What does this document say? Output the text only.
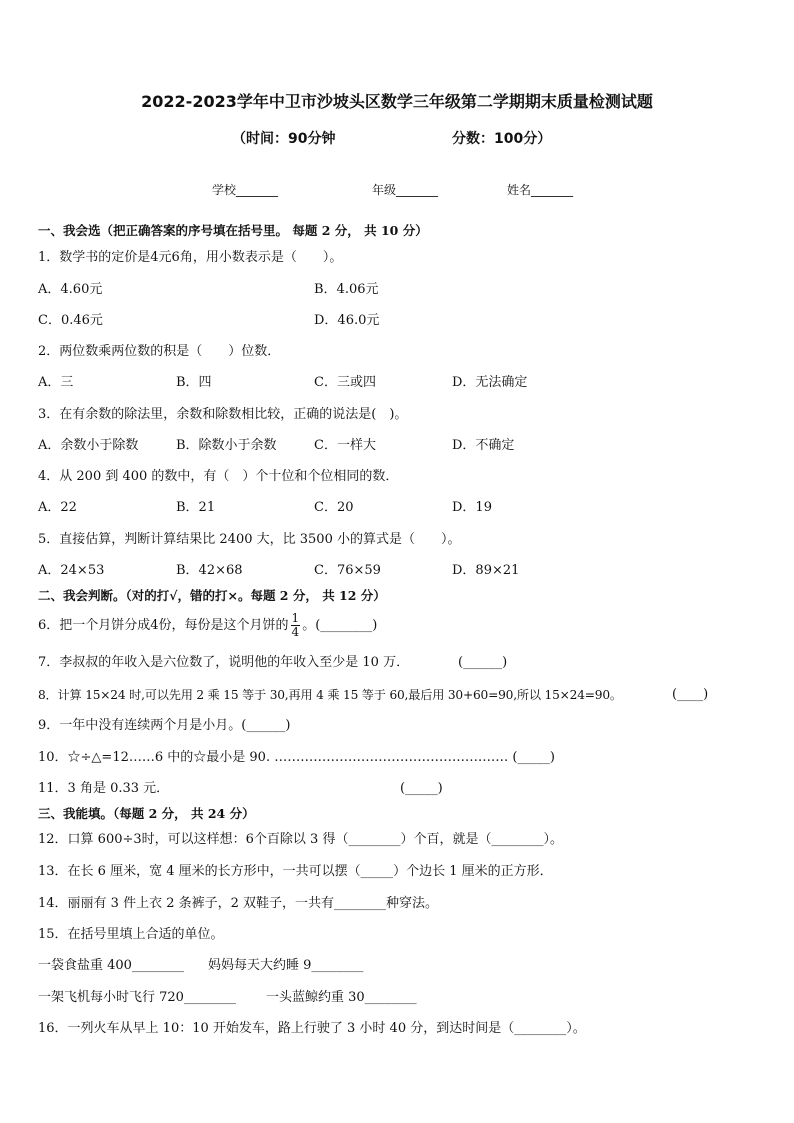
2022-2023学年中卫市沙坡头区数学三年级第二学期期末质量检测试题
（时间：90分钟	分数：100分）
学校_______	年级_______	姓名_______
一、我会选（把正确答案的序号填在括号里。 每题 2 分， 共 10 分）
1．数学书的定价是4元6角，用小数表示是（　　）。
A．4.60元	B．4.06元
C．0.46元	D．46.0元
2．两位数乘两位数的积是（　　）位数．
A．三	B．四	C．三或四	D．无法确定
3．在有余数的除法里，余数和除数相比较，正确的说法是(　)。
A．余数小于除数	B．除数小于余数	C．一样大	D．不确定
4．从 200 到 400 的数中，有（　）个十位和个位相同的数．
A．22	B．21	C．20	D．19
5．直接估算，判断计算结果比 2400 大，比 3500 小的算式是（　　）。
A．24×53	B．42×68	C．76×59	D．89×21
二、我会判断。（对的打√，错的打×。每题 2 分， 共 12 分）
6．把一个月饼分成4份，每份是这个月饼的 $\frac{1}{4}$ 。(________)
7．李叔叔的年收入是六位数了，说明他的年收入至少是 10 万．	(______)
8．计算 15×24 时,可以先用 2 乘 15 等于 30,再用 4 乘 15 等于 60,最后用 30+60=90,所以 15×24=90。	(____)
9．一年中没有连续两个月是小月。(______)
10．☆÷△=12……6 中的☆最小是 90. ……………………………………………… (_____)
11．3 角是 0.33 元．	(_____)
三、我能填。（每题 2 分， 共 24 分）
12．口算 600÷3时，可以这样想：6个百除以 3 得（________）个百，就是（________）。
13．在长 6 厘米，宽 4 厘米的长方形中，一共可以摆（_____）个边长 1 厘米的正方形．
14．丽丽有 3 件上衣 2 条裤子，2 双鞋子，一共有________种穿法。
15．在括号里填上合适的单位。
一袋食盐重 400________ 妈妈每天大约睡 9________
一架飞机每小时飞行 720________ 一头蓝鲸约重 30________
16．一列火车从早上 10：10 开始发车，路上行驶了 3 小时 40 分，到达时间是（________）。
